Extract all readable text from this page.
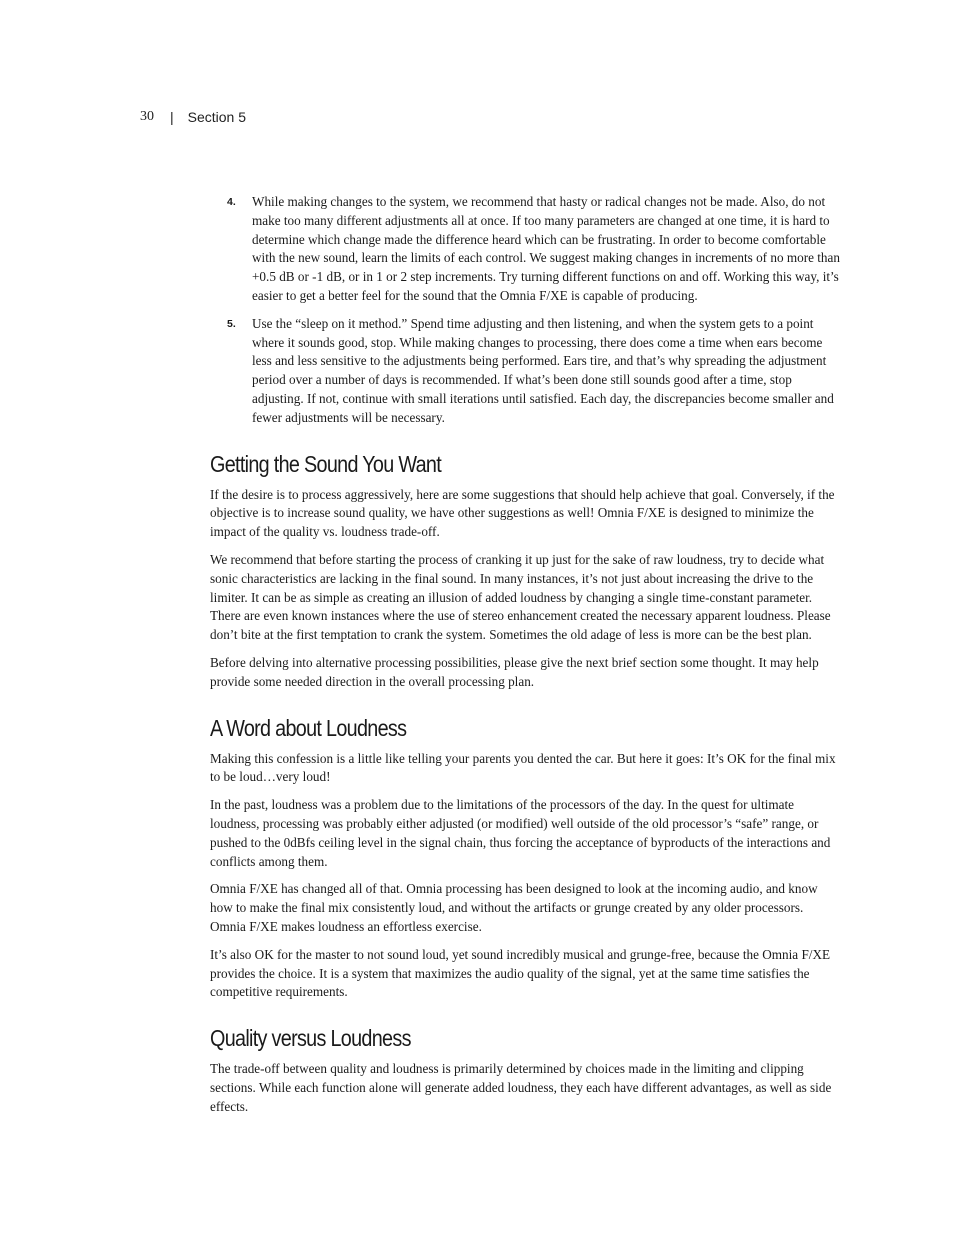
30 | Section 5
4. While making changes to the system, we recommend that hasty or radical changes not be made. Also, do not make too many different adjustments all at once. If too many parameters are changed at one time, it is hard to determine which change made the difference heard which can be frustrating. In order to become comfortable with the new sound, learn the limits of each control. We suggest making changes in increments of no more than +0.5 dB or -1 dB, or in 1 or 2 step increments. Try turning different functions on and off. Working this way, it’s easier to get a better feel for the sound that the Omnia F/XE is capable of producing.
5. Use the “sleep on it method.” Spend time adjusting and then listening, and when the system gets to a point where it sounds good, stop. While making changes to processing, there does come a time when ears become less and less sensitive to the adjustments being performed. Ears tire, and that’s why spreading the adjustment period over a number of days is recommended. If what’s been done still sounds good after a time, stop adjusting. If not, continue with small iterations until satisfied. Each day, the discrepancies become smaller and fewer adjustments will be necessary.
Getting the Sound You Want

If the desire is to process aggressively, here are some suggestions that should help achieve that goal. Conversely, if the objective is to increase sound quality, we have other suggestions as well! Omnia F/XE is designed to minimize the impact of the quality vs. loudness trade-off.

We recommend that before starting the process of cranking it up just for the sake of raw loudness, try to decide what sonic characteristics are lacking in the final sound. In many instances, it’s not just about increasing the drive to the limiter. It can be as simple as creating an illusion of added loudness by changing a single time-constant parameter. There are even known instances where the use of stereo enhancement created the necessary apparent loudness. Please don’t bite at the first temptation to crank the system. Sometimes the old adage of less is more can be the best plan.

Before delving into alternative processing possibilities, please give the next brief section some thought. It may help provide some needed direction in the overall processing plan.

A Word about Loudness

Making this confession is a little like telling your parents you dented the car. But here it goes: It’s OK for the final mix to be loud…very loud!

In the past, loudness was a problem due to the limitations of the processors of the day. In the quest for ultimate loudness, processing was probably either adjusted (or modified) well outside of the old processor’s “safe” range, or pushed to the 0dBfs ceiling level in the signal chain, thus forcing the acceptance of byproducts of the interactions and conflicts among them.

Omnia F/XE has changed all of that. Omnia processing has been designed to look at the incoming audio, and know how to make the final mix consistently loud, and without the artifacts or grunge created by any older processors. Omnia F/XE makes loudness an effortless exercise.

It’s also OK for the master to not sound loud, yet sound incredibly musical and grunge-free, because the Omnia F/XE provides the choice. It is a system that maximizes the audio quality of the signal, yet at the same time satisfies the competitive requirements.

Quality versus Loudness

The trade-off between quality and loudness is primarily determined by choices made in the limiting and clipping sections. While each function alone will generate added loudness, they each have different advantages, as well as side effects.
